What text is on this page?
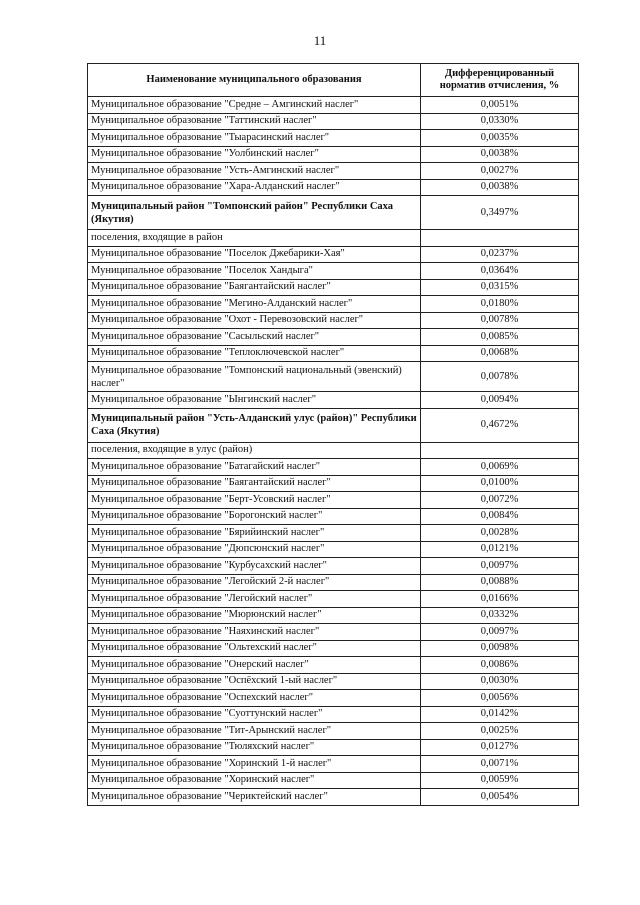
11
Наименование муниципального образования	Дифференцированный норматив отчисления, %
Муниципальное образование "Средне – Амгинский наслег"	0,0051%
Муниципальное образование "Таттинский наслег"	0,0330%
Муниципальное образование "Тыарасинский наслег"	0,0035%
Муниципальное образование "Уолбинский наслег"	0,0038%
Муниципальное образование "Усть-Амгинский наслег"	0,0027%
Муниципальное образование "Хара-Алданский наслег"	0,0038%
Муниципальный район "Томпонский район" Республики Саха (Якутия)	0,3497%
поселения, входящие в район	
Муниципальное образование "Поселок Джебарики-Хая"	0,0237%
Муниципальное образование "Поселок Хандыга"	0,0364%
Муниципальное образование "Баягантайский наслег"	0,0315%
Муниципальное образование "Мегино-Алданский наслег"	0,0180%
Муниципальное образование "Охот - Перевозовский наслег"	0,0078%
Муниципальное образование "Сасыльский наслег"	0,0085%
Муниципальное образование "Теплоключевской наслег"	0,0068%
Муниципальное образование "Томпонский национальный (эвенский) наслег"	0,0078%
Муниципальное образование "Ынгинский наслег"	0,0094%
Муниципальный район "Усть-Алданский улус (район)" Республики Саха (Якутия)	0,4672%
поселения, входящие в улус (район)	
Муниципальное образование "Батагайский наслег"	0,0069%
Муниципальное образование "Баягантайский наслег"	0,0100%
Муниципальное образование "Берт-Усовский наслег"	0,0072%
Муниципальное образование "Борогонский наслег"	0,0084%
Муниципальное образование "Бярийинский наслег"	0,0028%
Муниципальное образование "Дюпсюнский наслег"	0,0121%
Муниципальное образование "Курбусахский наслег"	0,0097%
Муниципальное образование "Легойский 2-й наслег"	0,0088%
Муниципальное образование "Легойский наслег"	0,0166%
Муниципальное образование "Мюрюнский наслег"	0,0332%
Муниципальное образование "Наяхинский наслег"	0,0097%
Муниципальное образование "Ольтехский наслег"	0,0098%
Муниципальное образование "Онерский наслег"	0,0086%
Муниципальное образование "Оспёхский 1-ый наслег"	0,0030%
Муниципальное образование "Оспехский наслег"	0,0056%
Муниципальное образование "Суоттунский наслег"	0,0142%
Муниципальное образование "Тит-Арынский наслег"	0,0025%
Муниципальное образование "Тюляхский наслег"	0,0127%
Муниципальное образование "Хоринский 1-й наслег"	0,0071%
Муниципальное образование "Хоринский наслег"	0,0059%
Муниципальное образование "Чериктейский наслег"	0,0054%
